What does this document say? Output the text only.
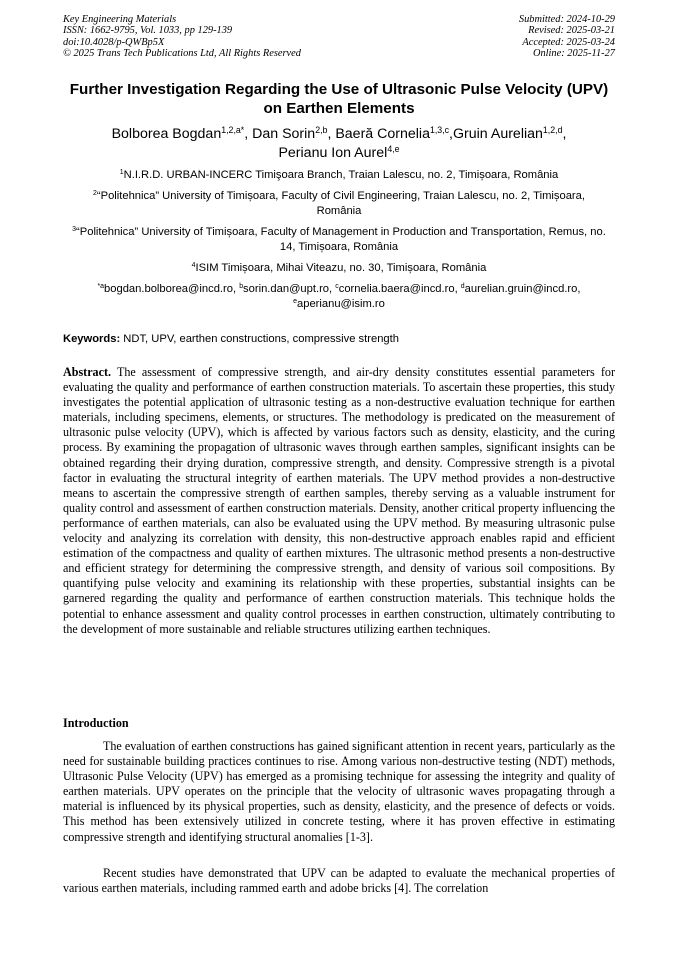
Key Engineering Materials
ISSN: 1662-9795, Vol. 1033, pp 129-139
doi:10.4028/p-QWBp5X
© 2025 Trans Tech Publications Ltd, All Rights Reserved
Submitted: 2024-10-29
Revised: 2025-03-21
Accepted: 2025-03-24
Online: 2025-11-27
Further Investigation Regarding the Use of Ultrasonic Pulse Velocity (UPV) on Earthen Elements
Bolborea Bogdan$^{1,2,a*}$, Dan Sorin$^{2,b}$, Baeră Cornelia$^{1,3,c}$,Gruin Aurelian$^{1,2,d}$,
Perianu Ion Aurel$^{4,e}$
$^1$N.I.R.D. URBAN-INCERC Timişoara Branch, Traian Lalescu, no. 2, Timișoara, România
$^2$“Politehnica” University of Timișoara, Faculty of Civil Engineering, Traian Lalescu, no. 2, Timișoara, România
$^3$“Politehnica” University of Timișoara, Faculty of Management in Production and Transportation, Remus, no. 14, Timișoara, România
$^4$ISIM Timișoara, Mihai Viteazu, no. 30, Timișoara, România
$^{*a}$bogdan.bolborea@incd.ro, $^b$sorin.dan@upt.ro, $^c$cornelia.baera@incd.ro, $^d$aurelian.gruin@incd.ro, $^e$aperianu@isim.ro
Keywords: NDT, UPV, earthen constructions, compressive strength
Abstract. The assessment of compressive strength, and air-dry density constitutes essential parameters for evaluating the quality and performance of earthen construction materials. To ascertain these properties, this study investigates the potential application of ultrasonic testing as a non-destructive evaluation technique for earthen materials, including specimens, elements, or structures. The methodology is predicated on the measurement of ultrasonic pulse velocity (UPV), which is affected by various factors such as density, elasticity, and the curing process. By examining the propagation of ultrasonic waves through earthen samples, significant insights can be obtained regarding their drying duration, compressive strength, and density. Compressive strength is a pivotal factor in evaluating the structural integrity of earthen materials. The UPV method provides a non-destructive means to ascertain the compressive strength of earthen samples, thereby serving as a valuable instrument for quality control and assessment of earthen construction materials. Density, another critical property influencing the performance of earthen materials, can also be evaluated using the UPV method. By measuring ultrasonic pulse velocity and analyzing its correlation with density, this non-destructive approach enables rapid and efficient estimation of the compactness and quality of earthen mixtures. The ultrasonic method presents a non-destructive and efficient strategy for determining the compressive strength, and density of various soil compositions. By quantifying pulse velocity and examining its relationship with these properties, substantial insights can be garnered regarding the quality and performance of earthen construction materials. This technique holds the potential to enhance assessment and quality control processes in earthen construction, ultimately contributing to the development of more sustainable and reliable structures utilizing earthen techniques.
Introduction
The evaluation of earthen constructions has gained significant attention in recent years, particularly as the need for sustainable building practices continues to rise. Among various non-destructive testing (NDT) methods, Ultrasonic Pulse Velocity (UPV) has emerged as a promising technique for assessing the integrity and quality of earthen materials. UPV operates on the principle that the velocity of ultrasonic waves propagating through a material is influenced by its physical properties, such as density, elasticity, and the presence of defects or voids. This method has been extensively utilized in concrete testing, where it has proven effective in estimating compressive strength and identifying structural anomalies [1-3].
Recent studies have demonstrated that UPV can be adapted to evaluate the mechanical properties of various earthen materials, including rammed earth and adobe bricks [4]. The correlation
